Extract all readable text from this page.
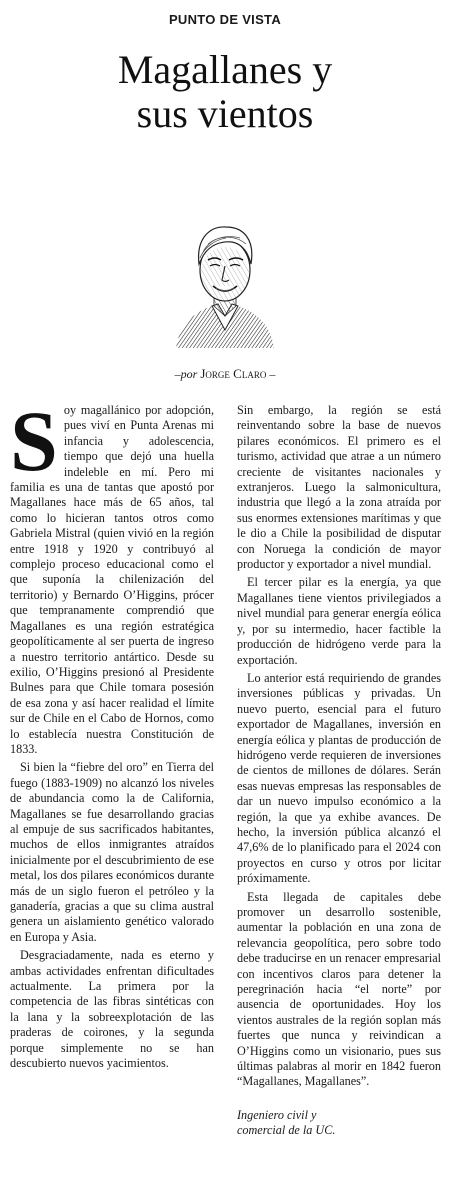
PUNTO DE VISTA
Magallanes y
sus vientos
–por Jorge Claro –

Soy magallánico por adopción, pues viví en Punta Arenas mi infancia y adolescencia, tiempo que dejó una huella indeleble en mí. Pero mi familia es una de tantas que apostó por Magallanes hace más de 65 años, tal como lo hicieran tantos otros como Gabriela Mistral (quien vivió en la región entre 1918 y 1920 y contribuyó al complejo proceso educacional como el que suponía la chilenización del territorio) y Bernardo O’Higgins, prócer que tempranamente comprendió que Magallanes es una región estratégica geopolíticamente al ser puerta de ingreso a nuestro territorio antártico. Desde su exilio, O’Higgins presionó al Presidente Bulnes para que Chile tomara posesión de esa zona y así hacer realidad el límite sur de Chile en el Cabo de Hornos, como lo establecía nuestra Constitución de 1833.

Si bien la “fiebre del oro” en Tierra del fuego (1883-1909) no alcanzó los niveles de abundancia como la de California, Magallanes se fue desarrollando gracias al empuje de sus sacrificados habitantes, muchos de ellos inmigrantes atraídos inicialmente por el descubrimiento de ese metal, los dos pilares económicos durante más de un siglo fueron el petróleo y la ganadería, gracias a que su clima austral genera un aislamiento genético valorado en Europa y Asia.

Desgraciadamente, nada es eterno y ambas actividades enfrentan dificultades actualmente. La primera por la competencia de las fibras sintéticas con la lana y la sobreexplotación de las praderas de coirones, y la segunda porque simplemente no se han descubierto nuevos yacimientos.

Sin embargo, la región se está reinventando sobre la base de nuevos pilares económicos. El primero es el turismo, actividad que atrae a un número creciente de visitantes nacionales y extranjeros. Luego la salmonicultura, industria que llegó a la zona atraída por sus enormes extensiones marítimas y que le dio a Chile la posibilidad de disputar con Noruega la condición de mayor productor y exportador a nivel mundial.

El tercer pilar es la energía, ya que Magallanes tiene vientos privilegiados a nivel mundial para generar energía eólica y, por su intermedio, hacer factible la producción de hidrógeno verde para la exportación.

Lo anterior está requiriendo de grandes inversiones públicas y privadas. Un nuevo puerto, esencial para el futuro exportador de Magallanes, inversión en energía eólica y plantas de producción de hidrógeno verde requieren de inversiones de cientos de millones de dólares. Serán esas nuevas empresas las responsables de dar un nuevo impulso económico a la región, la que ya exhibe avances. De hecho, la inversión pública alcanzó el 47,6% de lo planificado para el 2024 con proyectos en curso y otros por licitar próximamente.

Esta llegada de capitales debe promover un desarrollo sostenible, aumentar la población en una zona de relevancia geopolítica, pero sobre todo debe traducirse en un renacer empresarial con incentivos claros para detener la peregrinación hacia “el norte” por ausencia de oportunidades. Hoy los vientos australes de la región soplan más fuertes que nunca y reivindican a O’Higgins como un visionario, pues sus últimas palabras al morir en 1842 fueron “Magallanes, Magallanes”.

Ingeniero civil y
comercial de la UC.
